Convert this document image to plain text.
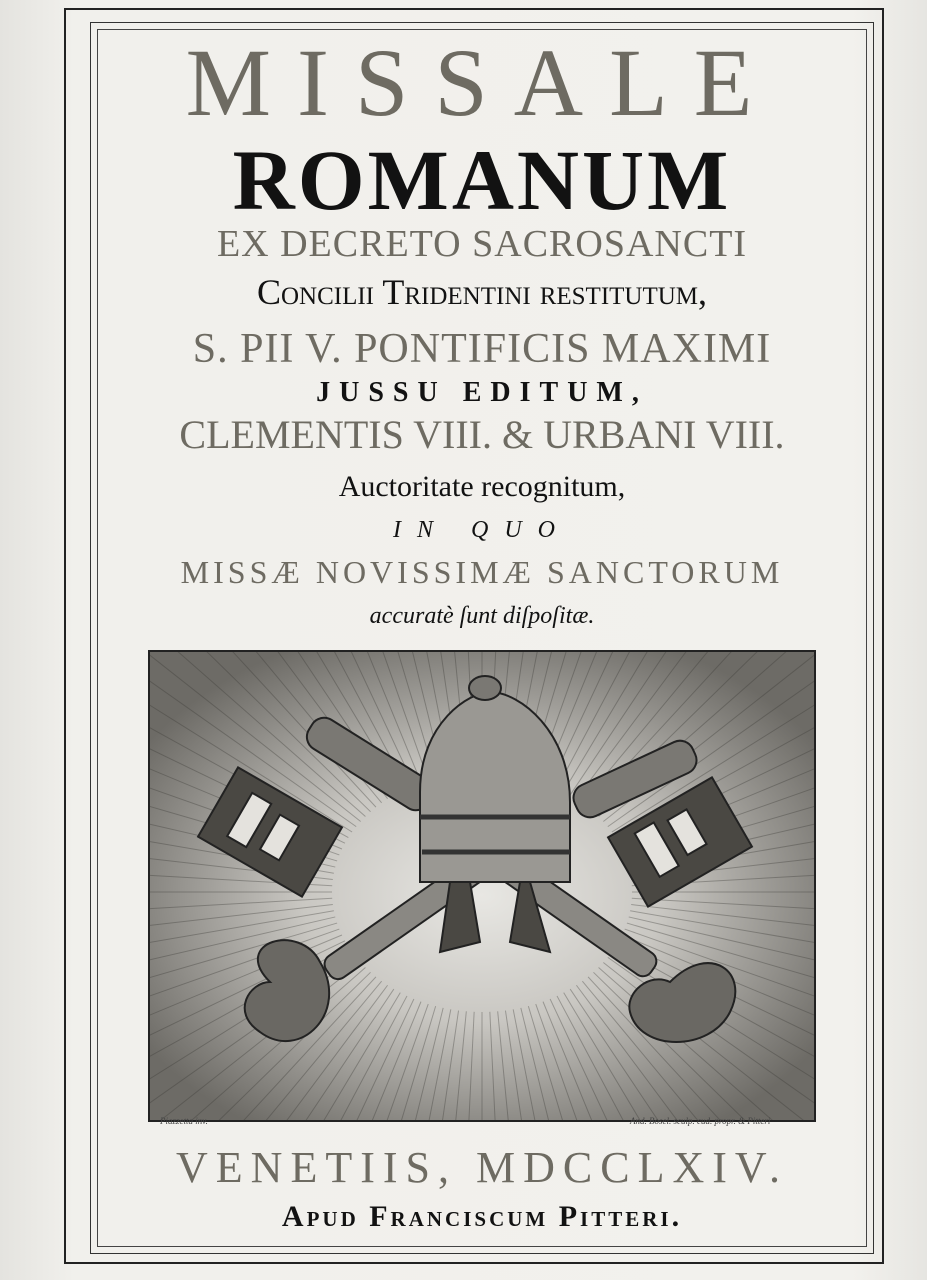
MISSALE
ROMANUM
EX DECRETO SACROSANCTI
Concilii Tridentini reſtitutum,
S. PII V. PONTIFICIS MAXIMI
JUSSU EDITUM,
CLEMENTIS VIII. & URBANI VIII.
Auctoritate recognitum,
IN QUO
MISSÆ NOVISSIMÆ SANCTORUM
accuratè ſunt diſpoſitæ.
Piazzetta inv.	And. Bosel. sculp. cud. propr. & Pitteri
VENETIIS, MDCCLXIV.
Apud Franciscum Pitteri.
